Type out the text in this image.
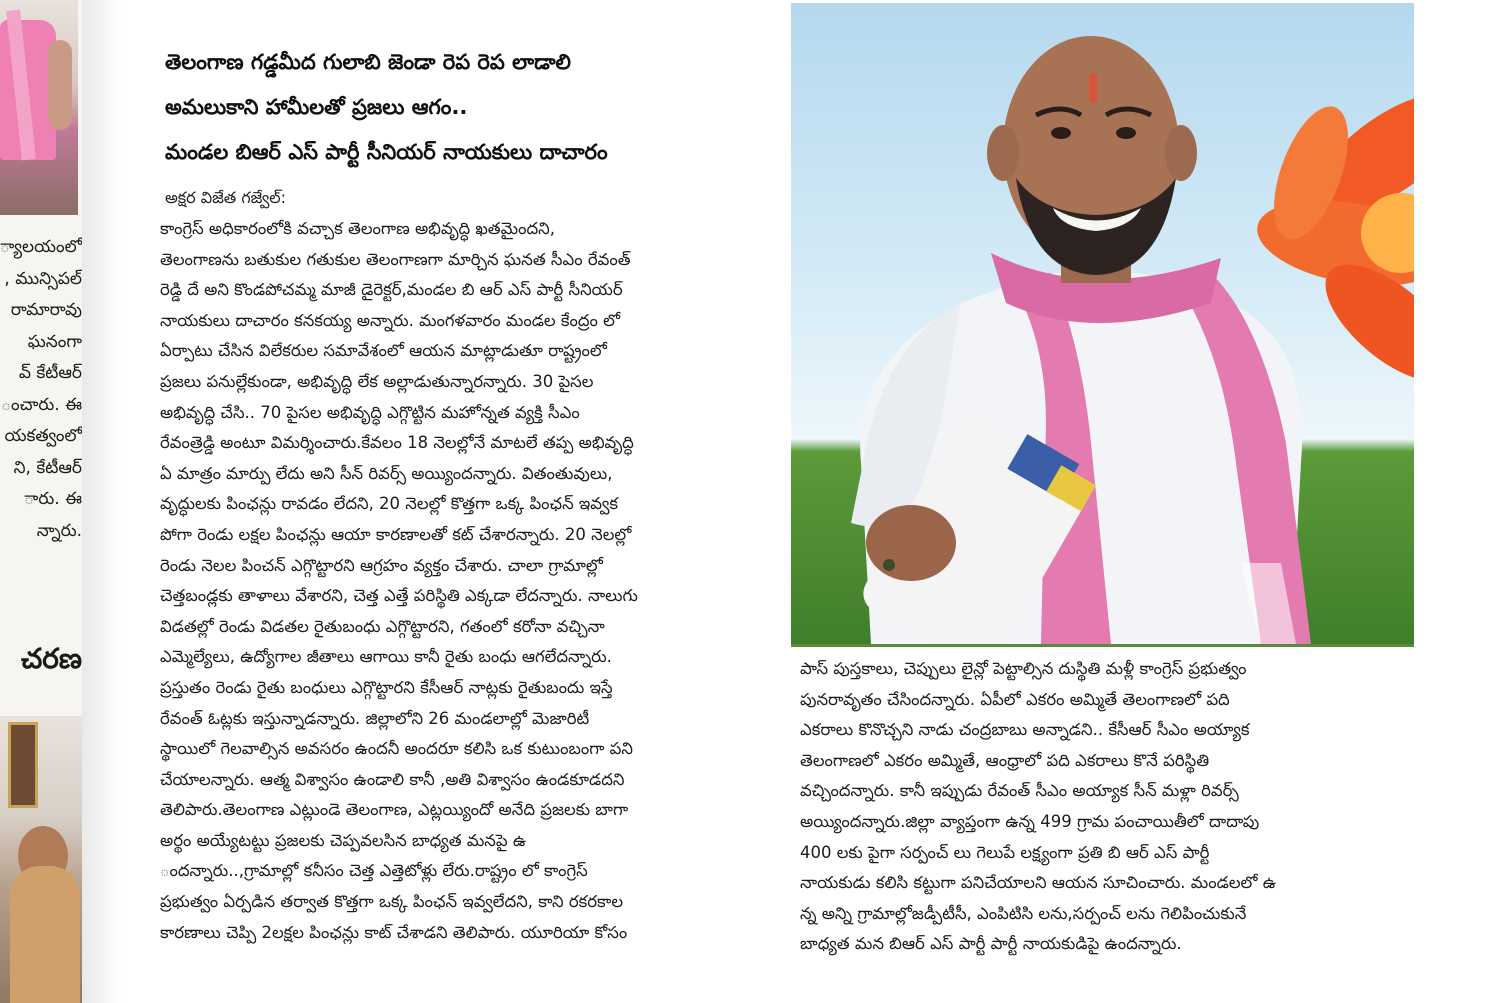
్యాలయంలో
, మున్సిపల్
రామారావు
ఘనంగా
వ్ కేటీఆర్
ంచారు. ఈ
యకత్వంలో
ని, కేటీఆర్
ారు. ఈ
న్నారు.
చరణ
తెలంగాణ గడ్డమీద గులాబి జెండా రెప రెప లాడాలి
అమలుకాని హామీలతో ప్రజలు ఆగం..
మండల బిఆర్ ఎస్ పార్టీ సీనియర్ నాయకులు దాచారం
అక్షర విజేత గజ్వేల్:
కాంగ్రెస్ అధికారంలోకి వచ్చాక తెలంగాణ అభివృద్ధి ఖతమైందని,
తెలంగాణను బతుకుల గతుకుల తెలంగాణగా మార్చిన ఘనత సీఎం రేవంత్
రెడ్డి దే అని కొండపోచమ్మ మాజీ డైరెక్టర్,మండల బి ఆర్ ఎస్ పార్టీ సీనియర్
నాయకులు దాచారం కనకయ్య అన్నారు. మంగళవారం మండల కేంద్రం లో
ఏర్పాటు చేసిన విలేకరుల సమావేశంలో ఆయన మాట్లాడుతూ రాష్ట్రంలో
ప్రజలు పనుల్లేకుండా, అభివృద్ధి లేక అల్లాడుతున్నారన్నారు. 30 పైసల
అభివృద్ధి చేసి.. 70 పైసల అభివృద్ధి ఎగ్గొట్టిన మహోన్నత వ్యక్తి సీఎం
రేవంత్రెడ్డి అంటూ విమర్శించారు.కేవలం 18 నెలల్లోనే మాటలే తప్ప అభివృద్ధి
ఏ మాత్రం మార్పు లేదు అని సీన్ రివర్స్ అయ్యిందన్నారు. వితంతువులు,
వృద్ధులకు పింఛన్లు రావడం లేదని, 20 నెలల్లో కొత్తగా ఒక్క పింఛన్ ఇవ్వక
పోగా రెండు లక్షల పింఛన్లు ఆయా కారణాలతో కట్ చేశారన్నారు. 20 నెలల్లో
రెండు నెలల పించన్ ఎగ్గొట్టారని ఆగ్రహం వ్యక్తం చేశారు. చాలా గ్రామాల్లో
చెత్తబండ్లకు తాళాలు వేశారని, చెత్త ఎత్తే పరిస్థితి ఎక్కడా లేదన్నారు. నాలుగు
విడతల్లో రెండు విడతల రైతుబంధు ఎగ్గొట్టారని, గతంలో కరోనా వచ్చినా
ఎమ్మెల్యేలు, ఉద్యోగాల జీతాలు ఆగాయి కానీ రైతు బంధు ఆగలేదన్నారు.
ప్రస్తుతం రెండు రైతు బంధులు ఎగ్గొట్టారని కేసీఆర్ నాట్లకు రైతుబందు ఇస్తే
రేవంత్ ఓట్లకు ఇస్తున్నాడన్నారు. జిల్లాలోని 26 మండలాల్లో మెజారిటీ
స్థాయిలో గెలవాల్సిన అవసరం ఉందనీ అందరూ కలిసి ఒక కుటుంబంగా పని
చేయాలన్నారు. ఆత్మ విశ్వాసం ఉండాలి కానీ ,అతి విశ్వాసం ఉండకూడదని
తెలిపారు.తెలంగాణ ఎట్లుండె తెలంగాణ, ఎట్లయ్యిందో అనేది ప్రజలకు బాగా
అర్థం అయ్యేటట్టు ప్రజలకు చెప్పవలసిన బాధ్యత మనపై ఉ
ందన్నారు..,గ్రామాల్లో కనీసం చెత్త ఎత్తెటోళ్లు లేరు.రాష్ట్రం లో కాంగ్రెస్
ప్రభుత్వం ఏర్పడిన తర్వాత కొత్తగా ఒక్క పింఛన్ ఇవ్వలేదని, కాని రకరకాల
కారణాలు చెప్పి 2లక్షల పింఛన్లు కాట్ చేశాడని తెలిపారు. యూరియా కోసం
పాస్ పుస్తకాలు, చెప్పులు లైన్లో పెట్టాల్సిన దుస్థితి మళ్లీ కాంగ్రెస్ ప్రభుత్వం
పునరావృతం చేసిందన్నారు. ఏపీలో ఎకరం అమ్మితే తెలంగాణలో పది
ఎకరాలు కొనొచ్చని నాడు చంద్రబాబు అన్నాడని.. కేసీఆర్ సీఎం అయ్యాక
తెలంగాణలో ఎకరం అమ్మితే, ఆంధ్రాలో పది ఎకరాలు కొనే పరిస్థితి
వచ్చిందన్నారు. కానీ ఇప్పుడు రేవంత్ సీఎం అయ్యాక సీన్ మళ్లా రివర్స్
అయ్యిందన్నారు.జిల్లా వ్యాప్తంగా ఉన్న 499 గ్రామ పంచాయితీలో దాదాపు
400 లకు పైగా సర్పంచ్ లు గెలుపే లక్ష్యంగా ప్రతి బి ఆర్ ఎస్ పార్టీ
నాయకుడు కలిసి కట్టుగా పనిచేయాలని ఆయన సూచించారు. మండలలో ఉ
న్న అన్ని గ్రామాల్లోజడ్పీటీసీ, ఎంపిటిసి లను,సర్పంచ్ లను గెలిపించుకునే
బాధ్యత మన బిఆర్ ఎస్ పార్టీ పార్టీ నాయకుడిపై ఉందన్నారు.
